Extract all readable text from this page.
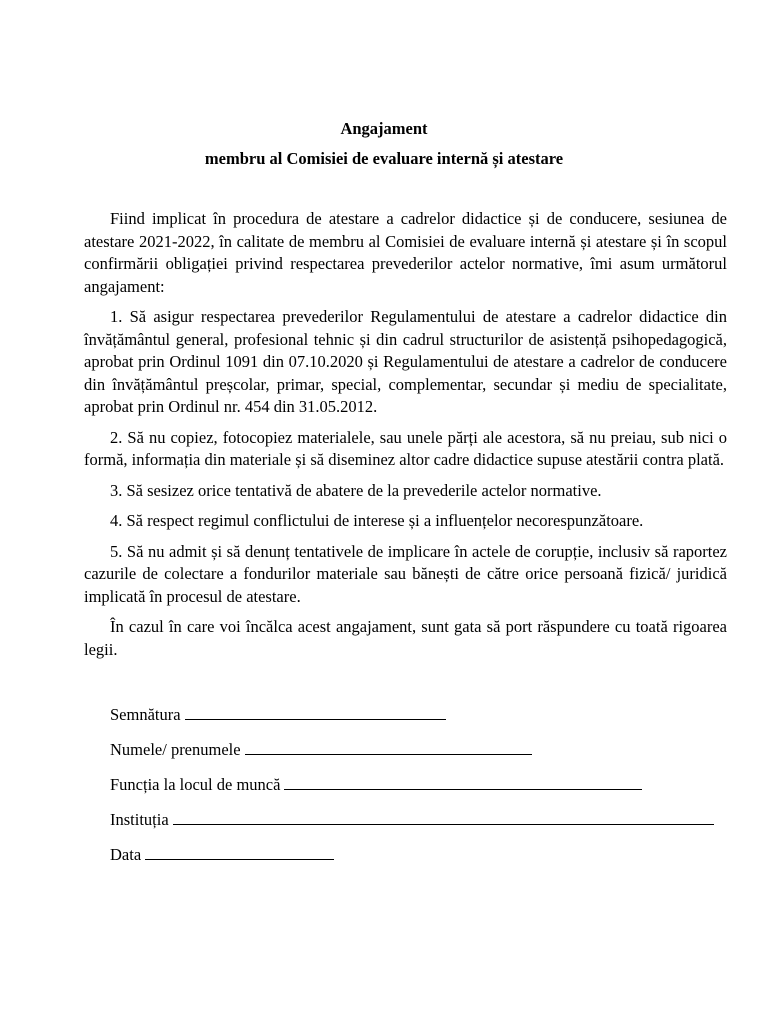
Angajament
membru al Comisiei de evaluare internă și atestare

Fiind implicat în procedura de atestare a cadrelor didactice și de conducere, sesiunea de atestare 2021-2022, în calitate de membru al Comisiei de evaluare internă și atestare și în scopul confirmării obligației privind respectarea prevederilor actelor normative, îmi asum următorul angajament:

1. Să asigur respectarea prevederilor Regulamentului de atestare a cadrelor didactice din învățământul general, profesional tehnic și din cadrul structurilor de asistență psihopedagogică, aprobat prin Ordinul 1091 din 07.10.2020 și Regulamentului de atestare a cadrelor de conducere din învățământul preșcolar, primar, special, complementar, secundar și mediu de specialitate, aprobat prin Ordinul nr. 454 din 31.05.2012.

2. Să nu copiez, fotocopiez materialele, sau unele părți ale acestora, să nu preiau, sub nici o formă, informația din materiale și să diseminez altor cadre didactice supuse atestării contra plată.

3. Să sesizez orice tentativă de abatere de la prevederile actelor normative.

4. Să respect regimul conflictului de interese și a influențelor necorespunzătoare.

5. Să nu admit și să denunț tentativele de implicare în actele de corupție, inclusiv să raportez cazurile de colectare a fondurilor materiale sau bănești de către orice persoană fizică/ juridică implicată în procesul de atestare.

În cazul în care voi încălca acest angajament, sunt gata să port răspundere cu toată rigoarea legii.

Semnătura
Numele/ prenumele
Funcția la locul de muncă
Instituția
Data
